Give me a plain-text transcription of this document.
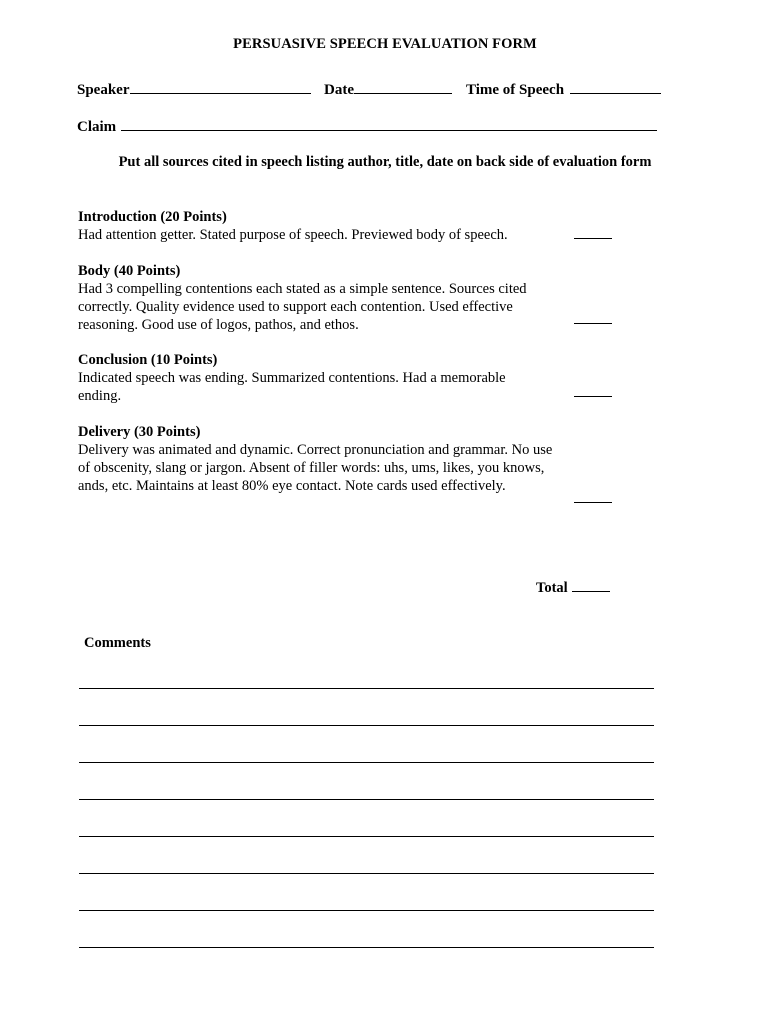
PERSUASIVE SPEECH EVALUATION FORM
Speaker	Date	Time of Speech
Claim
Put all sources cited in speech listing author, title, date on back side of evaluation form
Introduction (20 Points)
Had attention getter. Stated purpose of speech. Previewed body of speech.
Body (40 Points)
Had 3 compelling contentions each stated as a simple sentence. Sources cited correctly. Quality evidence used to support each contention. Used effective reasoning. Good use of logos, pathos, and ethos.
Conclusion (10 Points)
Indicated speech was ending. Summarized contentions. Had a memorable ending.
Delivery (30 Points)
Delivery was animated and dynamic. Correct pronunciation and grammar. No use of obscenity, slang or jargon. Absent of filler words: uhs, ums, likes, you knows, ands, etc. Maintains at least 80% eye contact. Note cards used effectively.
Total
Comments
